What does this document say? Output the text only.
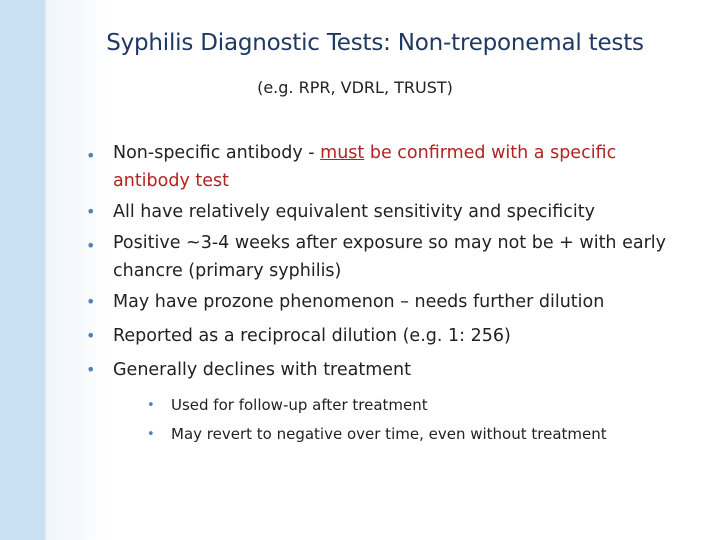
Syphilis Diagnostic Tests: Non-treponemal tests
(e.g. RPR, VDRL, TRUST)
• Non-specific antibody - must be confirmed with a specific antibody test
• All have relatively equivalent sensitivity and specificity
• Positive ~3-4 weeks after exposure so may not be + with early chancre (primary syphilis)
• May have prozone phenomenon – needs further dilution
• Reported as a reciprocal dilution (e.g. 1: 256)
• Generally declines with treatment
• Used for follow-up after treatment
• May revert to negative over time, even without treatment
